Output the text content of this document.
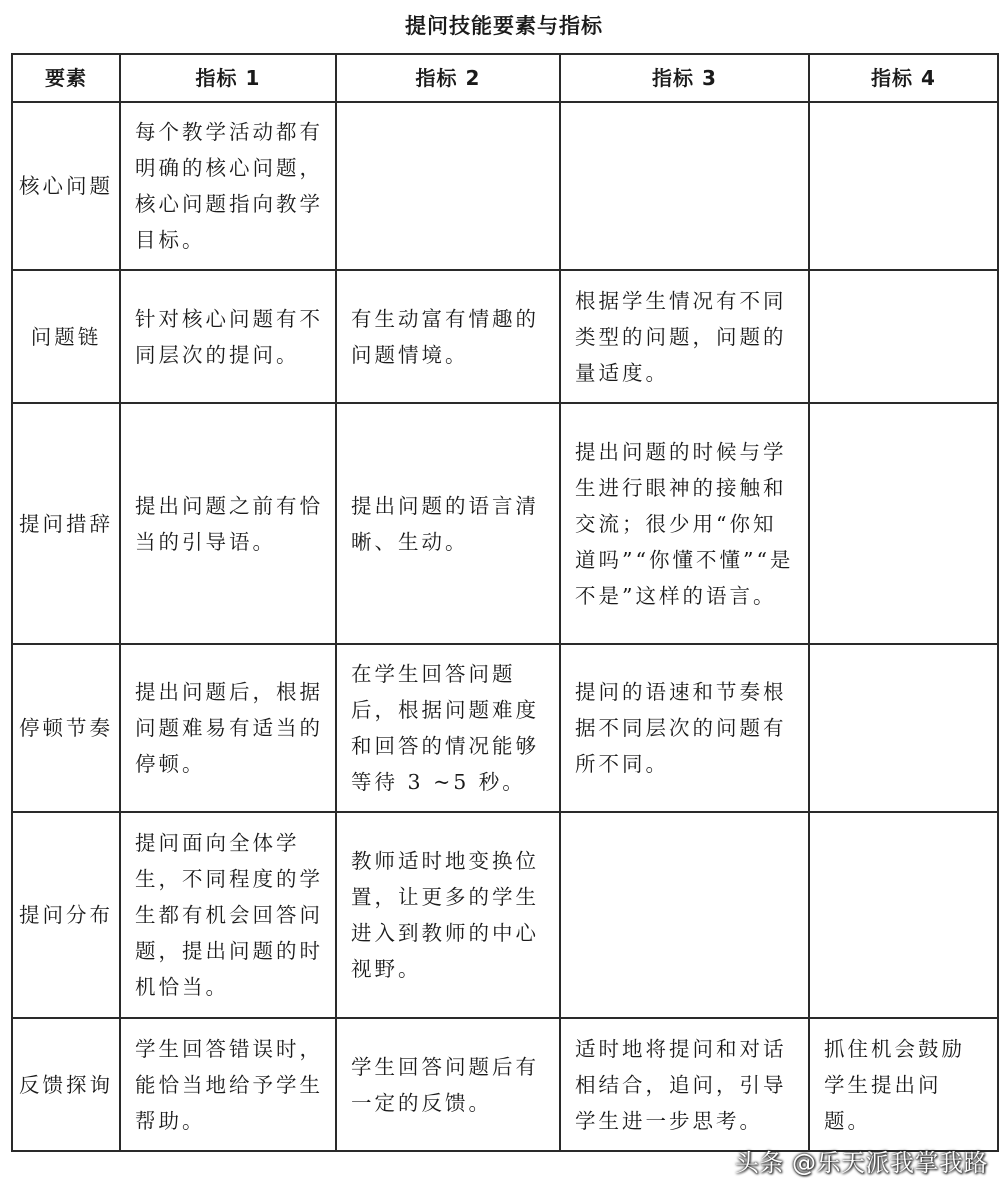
提问技能要素与指标
要素	指标 1	指标 2	指标 3	指标 4
核心问题	每个教学活动都有明确的核心问题，核心问题指向教学目标。			
问题链	针对核心问题有不同层次的提问。	有生动富有情趣的问题情境。	根据学生情况有不同类型的问题，问题的量适度。	
提问措辞	提出问题之前有恰当的引导语。	提出问题的语言清晰、生动。	提出问题的时候与学生进行眼神的接触和交流；很少用“你知道吗”“你懂不懂”“是不是”这样的语言。	
停顿节奏	提出问题后，根据问题难易有适当的停顿。	在学生回答问题后，根据问题难度和回答的情况能够等待 3 ~5 秒。	提问的语速和节奏根据不同层次的问题有所不同。	
提问分布	提问面向全体学生，不同程度的学生都有机会回答问题，提出问题的时机恰当。	教师适时地变换位置，让更多的学生进入到教师的中心视野。		
反馈探询	学生回答错误时，能恰当地给予学生帮助。	学生回答问题后有一定的反馈。	适时地将提问和对话相结合，追问，引导学生进一步思考。	抓住机会鼓励学生提出问题。
头条 @乐天派我掌我路
